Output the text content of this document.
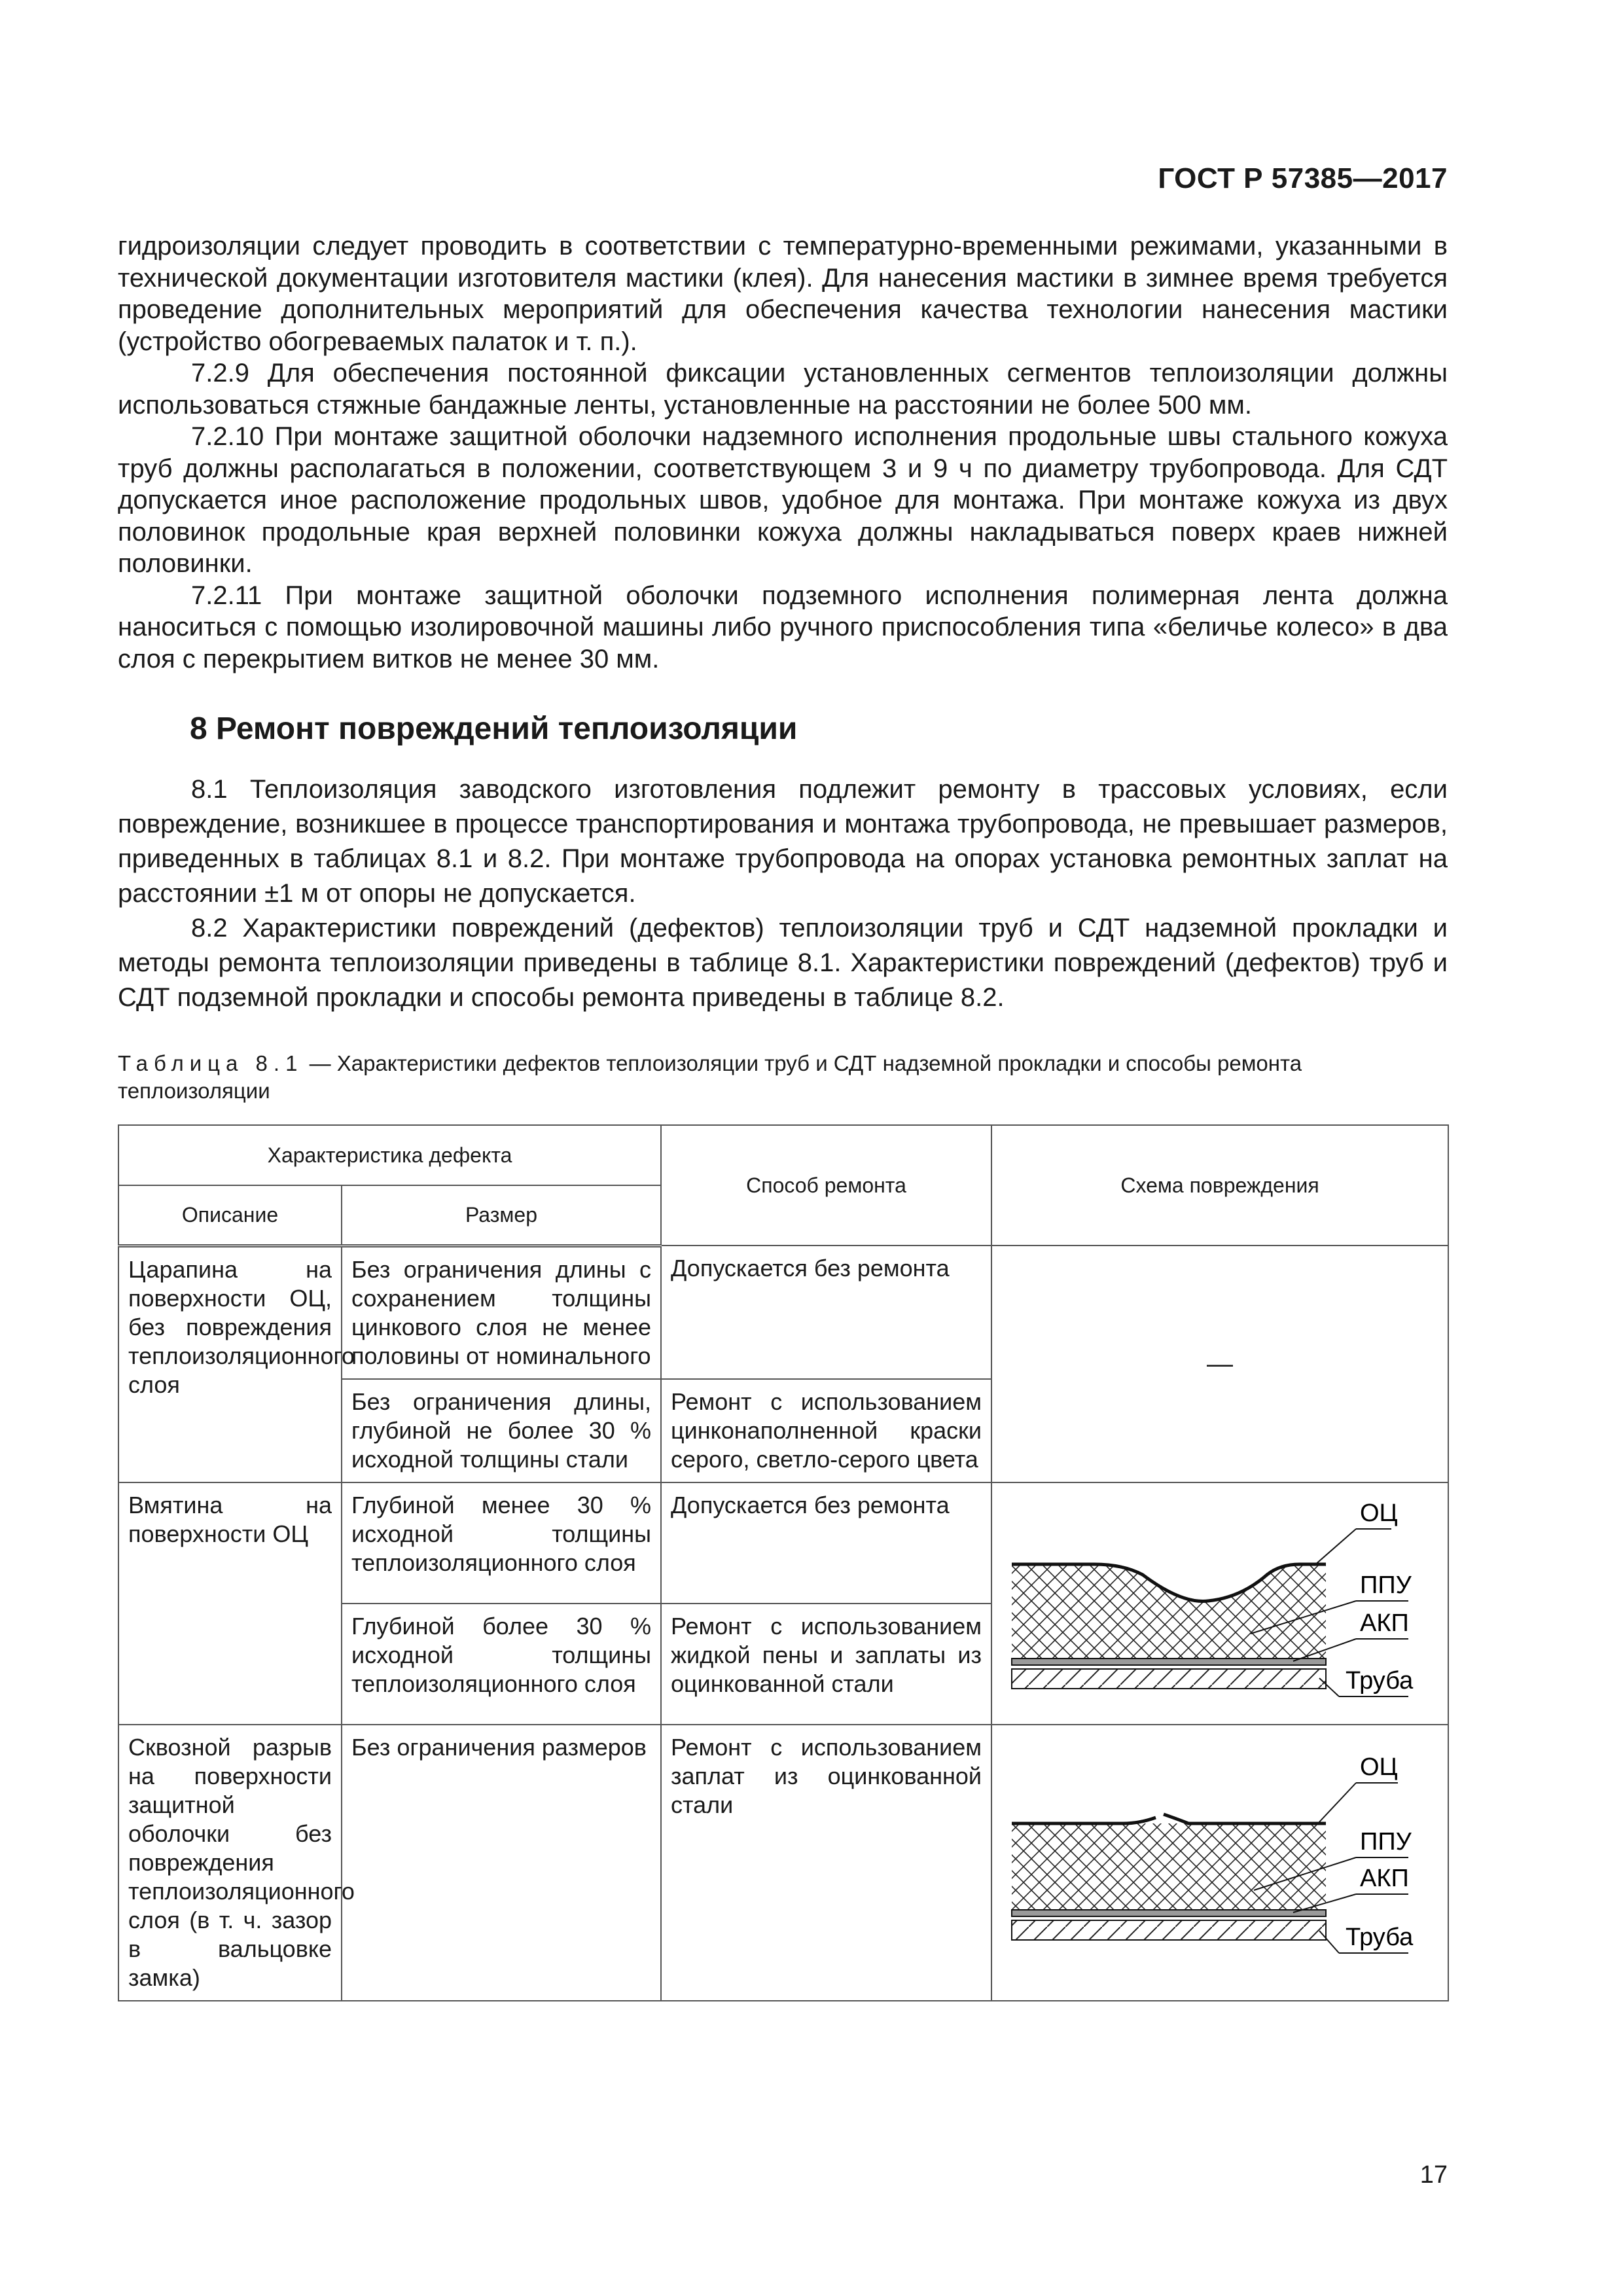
ГОСТ Р 57385—2017

гидроизоляции следует проводить в соответствии с температурно-временными режимами, указанными в технической документации изготовителя мастики (клея). Для нанесения мастики в зимнее время требуется проведение дополнительных мероприятий для обеспечения качества технологии нанесения мастики (устройство обогреваемых палаток и т. п.).

7.2.9 Для обеспечения постоянной фиксации установленных сегментов теплоизоляции должны использоваться стяжные бандажные ленты, установленные на расстоянии не более 500 мм.

7.2.10 При монтаже защитной оболочки надземного исполнения продольные швы стального кожуха труб должны располагаться в положении, соответствующем 3 и 9 ч по диаметру трубопровода. Для СДТ допускается иное расположение продольных швов, удобное для монтажа. При монтаже кожуха из двух половинок продольные края верхней половинки кожуха должны накладываться поверх краев нижней половинки.

7.2.11 При монтаже защитной оболочки подземного исполнения полимерная лента должна наноситься с помощью изолировочной машины либо ручного приспособления типа «беличье колесо» в два слоя с перекрытием витков не менее 30 мм.

8 Ремонт повреждений теплоизоляции

8.1 Теплоизоляция заводского изготовления подлежит ремонту в трассовых условиях, если повреждение, возникшее в процессе транспортирования и монтажа трубопровода, не превышает размеров, приведенных в таблицах 8.1 и 8.2. При монтаже трубопровода на опорах установка ремонтных заплат на расстоянии ±1 м от опоры не допускается.

8.2 Характеристики повреждений (дефектов) теплоизоляции труб и СДТ надземной прокладки и методы ремонта теплоизоляции приведены в таблице 8.1. Характеристики повреждений (дефектов) труб и СДТ подземной прокладки и способы ремонта приведены в таблице 8.2.

Таблица 8.1 — Характеристики дефектов теплоизоляции труб и СДТ надземной прокладки и способы ремонта теплоизоляции
Характеристика дефекта		Способ ремонта	Схема повреждения
Описание	Размер		
Царапина на поверхности ОЦ, без повреждения теплоизоляционного слоя	Без ограничения длины с сохранением толщины цинкового слоя не менее половины от номинального	Допускается без ремонта	—
	Без ограничения длины, глубиной не более 30 % исходной толщины стали	Ремонт с использованием цинконаполненной краски серого, светло-серого цвета	
Вмятина на поверхности ОЦ	Глубиной менее 30 % исходной толщины теплоизоляционного слоя	Допускается без ремонта	ОЦ
ППУ
АКП
Труба

	Глубиной более 30 % исходной толщины теплоизоляционного слоя	Ремонт с использованием жидкой пены и заплаты из оцинкованной стали	
Сквозной разрыв на поверхности защитной оболочки без повреждения теплоизоляционного слоя (в т. ч. зазор в вальцовке замка)	Без ограничения размеров	Ремонт с использованием заплат из оцинкованной стали	ОЦ
ППУ
АКП
Труба
17
